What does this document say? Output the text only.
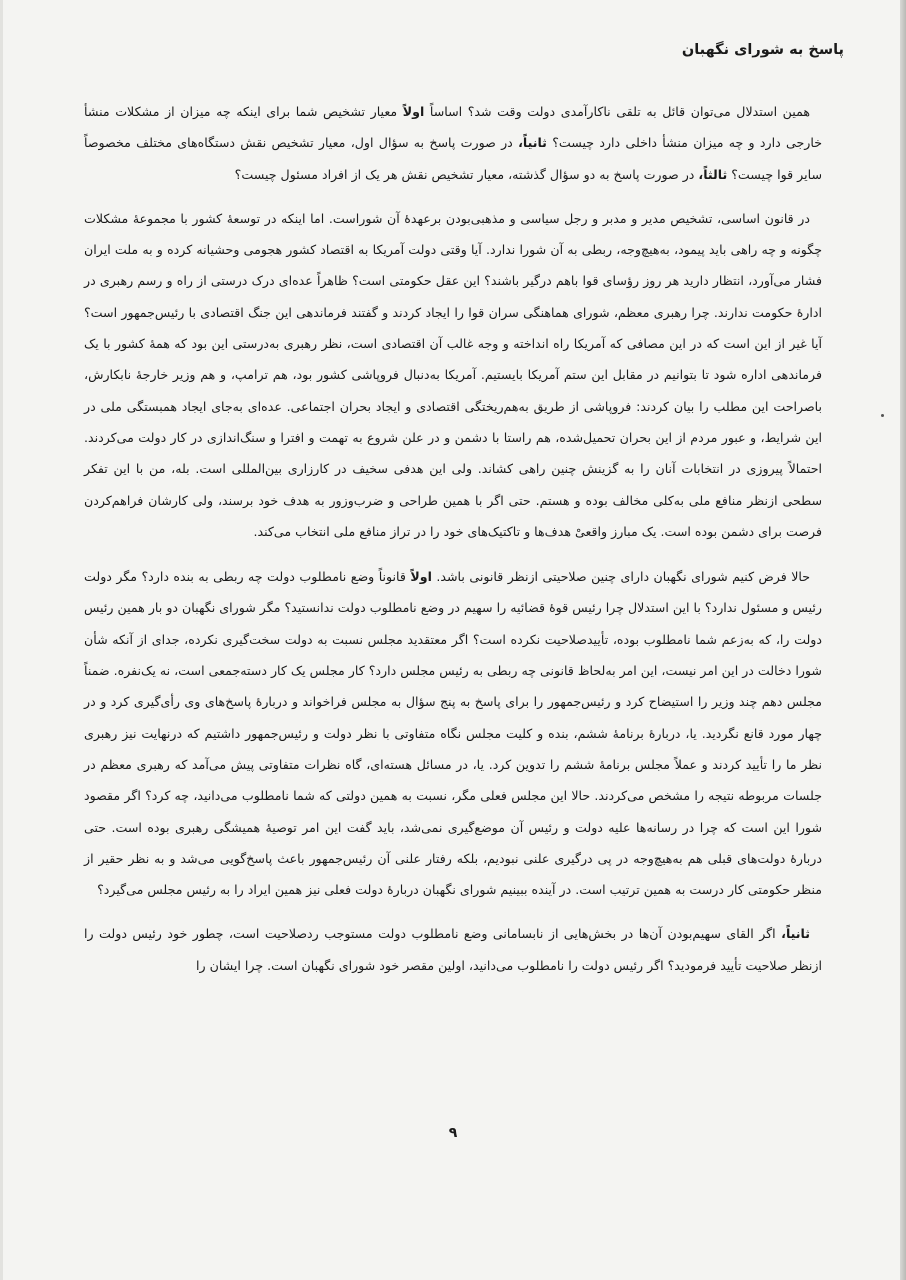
پاسخ به شورای نگهبان

همین استدلال می‌توان قائل به تلقی ناکارآمدی دولت وقت شد؟ اساساً اولاً معیار تشخیص شما برای اینکه چه میزان از مشکلات منشأ خارجی دارد و چه میزان منشأ داخلی دارد چیست؟ ثانیاً، در صورت پاسخ به سؤال اول، معیار تشخیص نقش دستگاه‌های مختلف مخصوصاً سایر قوا چیست؟ ثالثاً، در صورت پاسخ به دو سؤال گذشته، معیار تشخیص نقش هر یک از افراد مسئول چیست؟

در قانون اساسی، تشخیص مدیر و مدبر و رجل سیاسی و مذهبی‌بودن برعهدهٔ آن شوراست. اما اینکه در توسعهٔ کشور با مجموعهٔ مشکلات چگونه و چه راهی باید پیمود، به‌هیچ‌وجه، ربطی به آن شورا ندارد. آیا وقتی دولت آمریکا به اقتصاد کشور هجومی وحشیانه کرده و به ملت ایران فشار می‌آورد، انتظار دارید هر روز رؤسای قوا باهم درگیر باشند؟ این عقل حکومتی است؟ ظاهراً عده‌ای درک درستی از راه و رسم رهبری در ادارهٔ حکومت ندارند. چرا رهبری معظم، شورای هماهنگی سران قوا را ایجاد کردند و گفتند فرماندهی این جنگ اقتصادی با رئیس‌جمهور است؟ آیا غیر از این است که در این مصافی که آمریکا راه انداخته و وجه غالب آن اقتصادی است، نظر رهبری به‌درستی این بود که همهٔ کشور با یک فرماندهی اداره شود تا بتوانیم در مقابل این ستم آمریکا بایستیم. آمریکا به‌دنبال فروپاشی کشور بود، هم ترامپ، و هم وزیر خارجهٔ نابکارش، باصراحت این مطلب را بیان کردند: فروپاشی از طریق به‌هم‌ریختگی اقتصادی و ایجاد بحران اجتماعی. عده‌ای به‌جای ایجاد همبستگی ملی در این شرایط، و عبور مردم از این بحران تحمیل‌شده، هم راستا با دشمن و در علن شروع به تهمت و افترا و سنگ‌اندازی در کار دولت می‌کردند. احتمالاً پیروزی در انتخابات آنان را به گزینش چنین راهی کشاند. ولی این هدفی سخیف در کارزاری بین‌المللی است. بله، من با این تفکر سطحی ازنظر منافع ملی به‌کلی مخالف بوده و هستم. حتی اگر با همین طراحی و ضرب‌وزور به هدف خود برسند، ولی کارشان فراهم‌کردن فرصت برای دشمن بوده است. یک مبارز واقعیْ هدف‌ها و تاکتیک‌های خود را در تراز منافع ملی انتخاب می‌کند.

حالا فرض کنیم شورای نگهبان دارای چنین صلاحیتی ازنظر قانونی باشد. اولاً قانوناً وضع نامطلوب دولت چه ربطی به بنده دارد؟ مگر دولت رئیس و مسئول ندارد؟ با این استدلال چرا رئیس قوهٔ قضائیه را سهیم در وضع نامطلوب دولت ندانستید؟ مگر شورای نگهبان دو بار همین رئیس دولت را، که به‌زعم شما نامطلوب بوده، تأییدصلاحیت نکرده است؟ اگر معتقدید مجلس نسبت به دولت سخت‌گیری نکرده، جدای از آنکه شأن شورا دخالت در این امر نیست، این امر به‌لحاظ قانونی چه ربطی به رئیس مجلس دارد؟ کار مجلس یک کار دسته‌جمعی است، نه یک‌نفره. ضمناً مجلس دهم چند وزیر را استیضاح کرد و رئیس‌جمهور را برای پاسخ به پنج سؤال به مجلس فراخواند و دربارهٔ پاسخ‌های وی رأی‌گیری کرد و در چهار مورد قانع نگردید. یا، دربارهٔ برنامهٔ ششم، بنده و کلیت مجلس نگاه متفاوتی با نظر دولت و رئیس‌جمهور داشتیم که درنهایت نیز رهبری نظر ما را تأیید کردند و عملاً مجلس برنامهٔ ششم را تدوین کرد. یا، در مسائل هسته‌ای، گاه نظرات متفاوتی پیش می‌آمد که رهبری معظم در جلسات مربوطه نتیجه را مشخص می‌کردند. حالا این مجلس فعلی مگر، نسبت به همین دولتی که شما نامطلوب می‌دانید، چه کرد؟ اگر مقصود شورا این است که چرا در رسانه‌ها علیه دولت و رئیس آن موضع‌گیری نمی‌شد، باید گفت این امر توصیهٔ همیشگی رهبری بوده است. حتی دربارهٔ دولت‌های قبلی هم به‌هیچ‌وجه در پی درگیری علنی نبودیم، بلکه رفتار علنی آن رئیس‌جمهور باعث پاسخ‌گویی می‌شد و به نظر حقیر از منظر حکومتی کار درست به همین ترتیب است. در آینده ببینیم شورای نگهبان دربارهٔ دولت فعلی نیز همین ایراد را به رئیس مجلس می‌گیرد؟

ثانیاً، اگر القای سهیم‌بودن آن‌ها در بخش‌هایی از نابسامانی وضع نامطلوب دولت مستوجب ردصلاحیت است، چطور خود رئیس دولت را ازنظر صلاحیت تأیید فرمودید؟ اگر رئیس دولت را نامطلوب می‌دانید، اولین مقصر خود شورای نگهبان است. چرا ایشان را

۹
